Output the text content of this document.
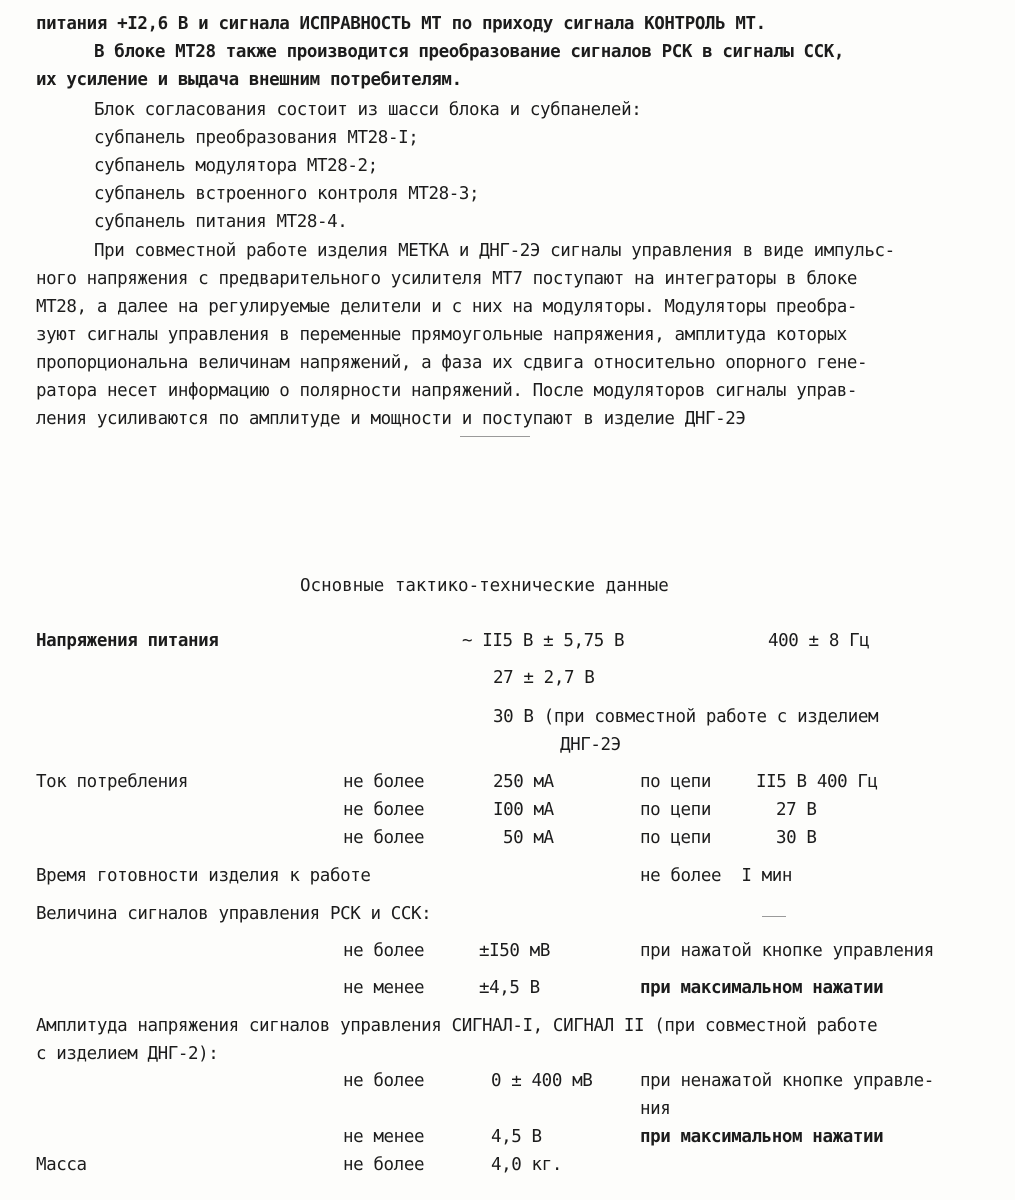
питания +I2,6 В и сигнала ИСПРАВНОСТЬ МТ по приходу сигнала КОНТРОЛЬ МТ.
В блоке МТ28 также производится преобразование сигналов РСК в сигналы ССК,
их усиление и выдача внешним потребителям.
Блок согласования состоит из шасси блока и субпанелей:
субпанель преобразования МТ28-I;
субпанель модулятора МТ28-2;
субпанель встроенного контроля МТ28-3;
субпанель питания МТ28-4.
При совместной работе изделия МЕТКА и ДНГ-2Э сигналы управления в виде импульс-
ного напряжения с предварительного усилителя МТ7 поступают на интеграторы в блоке
МТ28, а далее на регулируемые делители и с них на модуляторы. Модуляторы преобра-
зуют сигналы управления в переменные прямоугольные напряжения, амплитуда которых
пропорциональна величинам напряжений, а фаза их сдвига относительно опорного гене-
ратора несет информацию о полярности напряжений. После модуляторов сигналы управ-
ления усиливаются по амплитуде и мощности и поступают в изделие ДНГ-2Э
Основные тактико-технические данные
Напряжения питания	~ II5 В ± 5,75 В	400 ± 8 Гц
27 ± 2,7 В
30 В (при совместной работе с изделием
ДНГ-2Э
Ток потребления	не более	250 мА	по цепи	II5 В 400 Гц
не более	I00 мА	по цепи	27 В
не более	50 мА	по цепи	30 В
Время готовности изделия к работе	не более  I мин
Величина сигналов управления РСК и ССК:
не более	±I50 мВ	при нажатой кнопке управления
не менее	±4,5 В	при максимальном нажатии
Амплитуда напряжения сигналов управления СИГНАЛ-I, СИГНАЛ II (при совместной работе
с изделием ДНГ-2):
не более	0 ± 400 мВ	при ненажатой кнопке управле-
ния
не менее	4,5 В	при максимальном нажатии
Масса	не более	4,0 кг.
